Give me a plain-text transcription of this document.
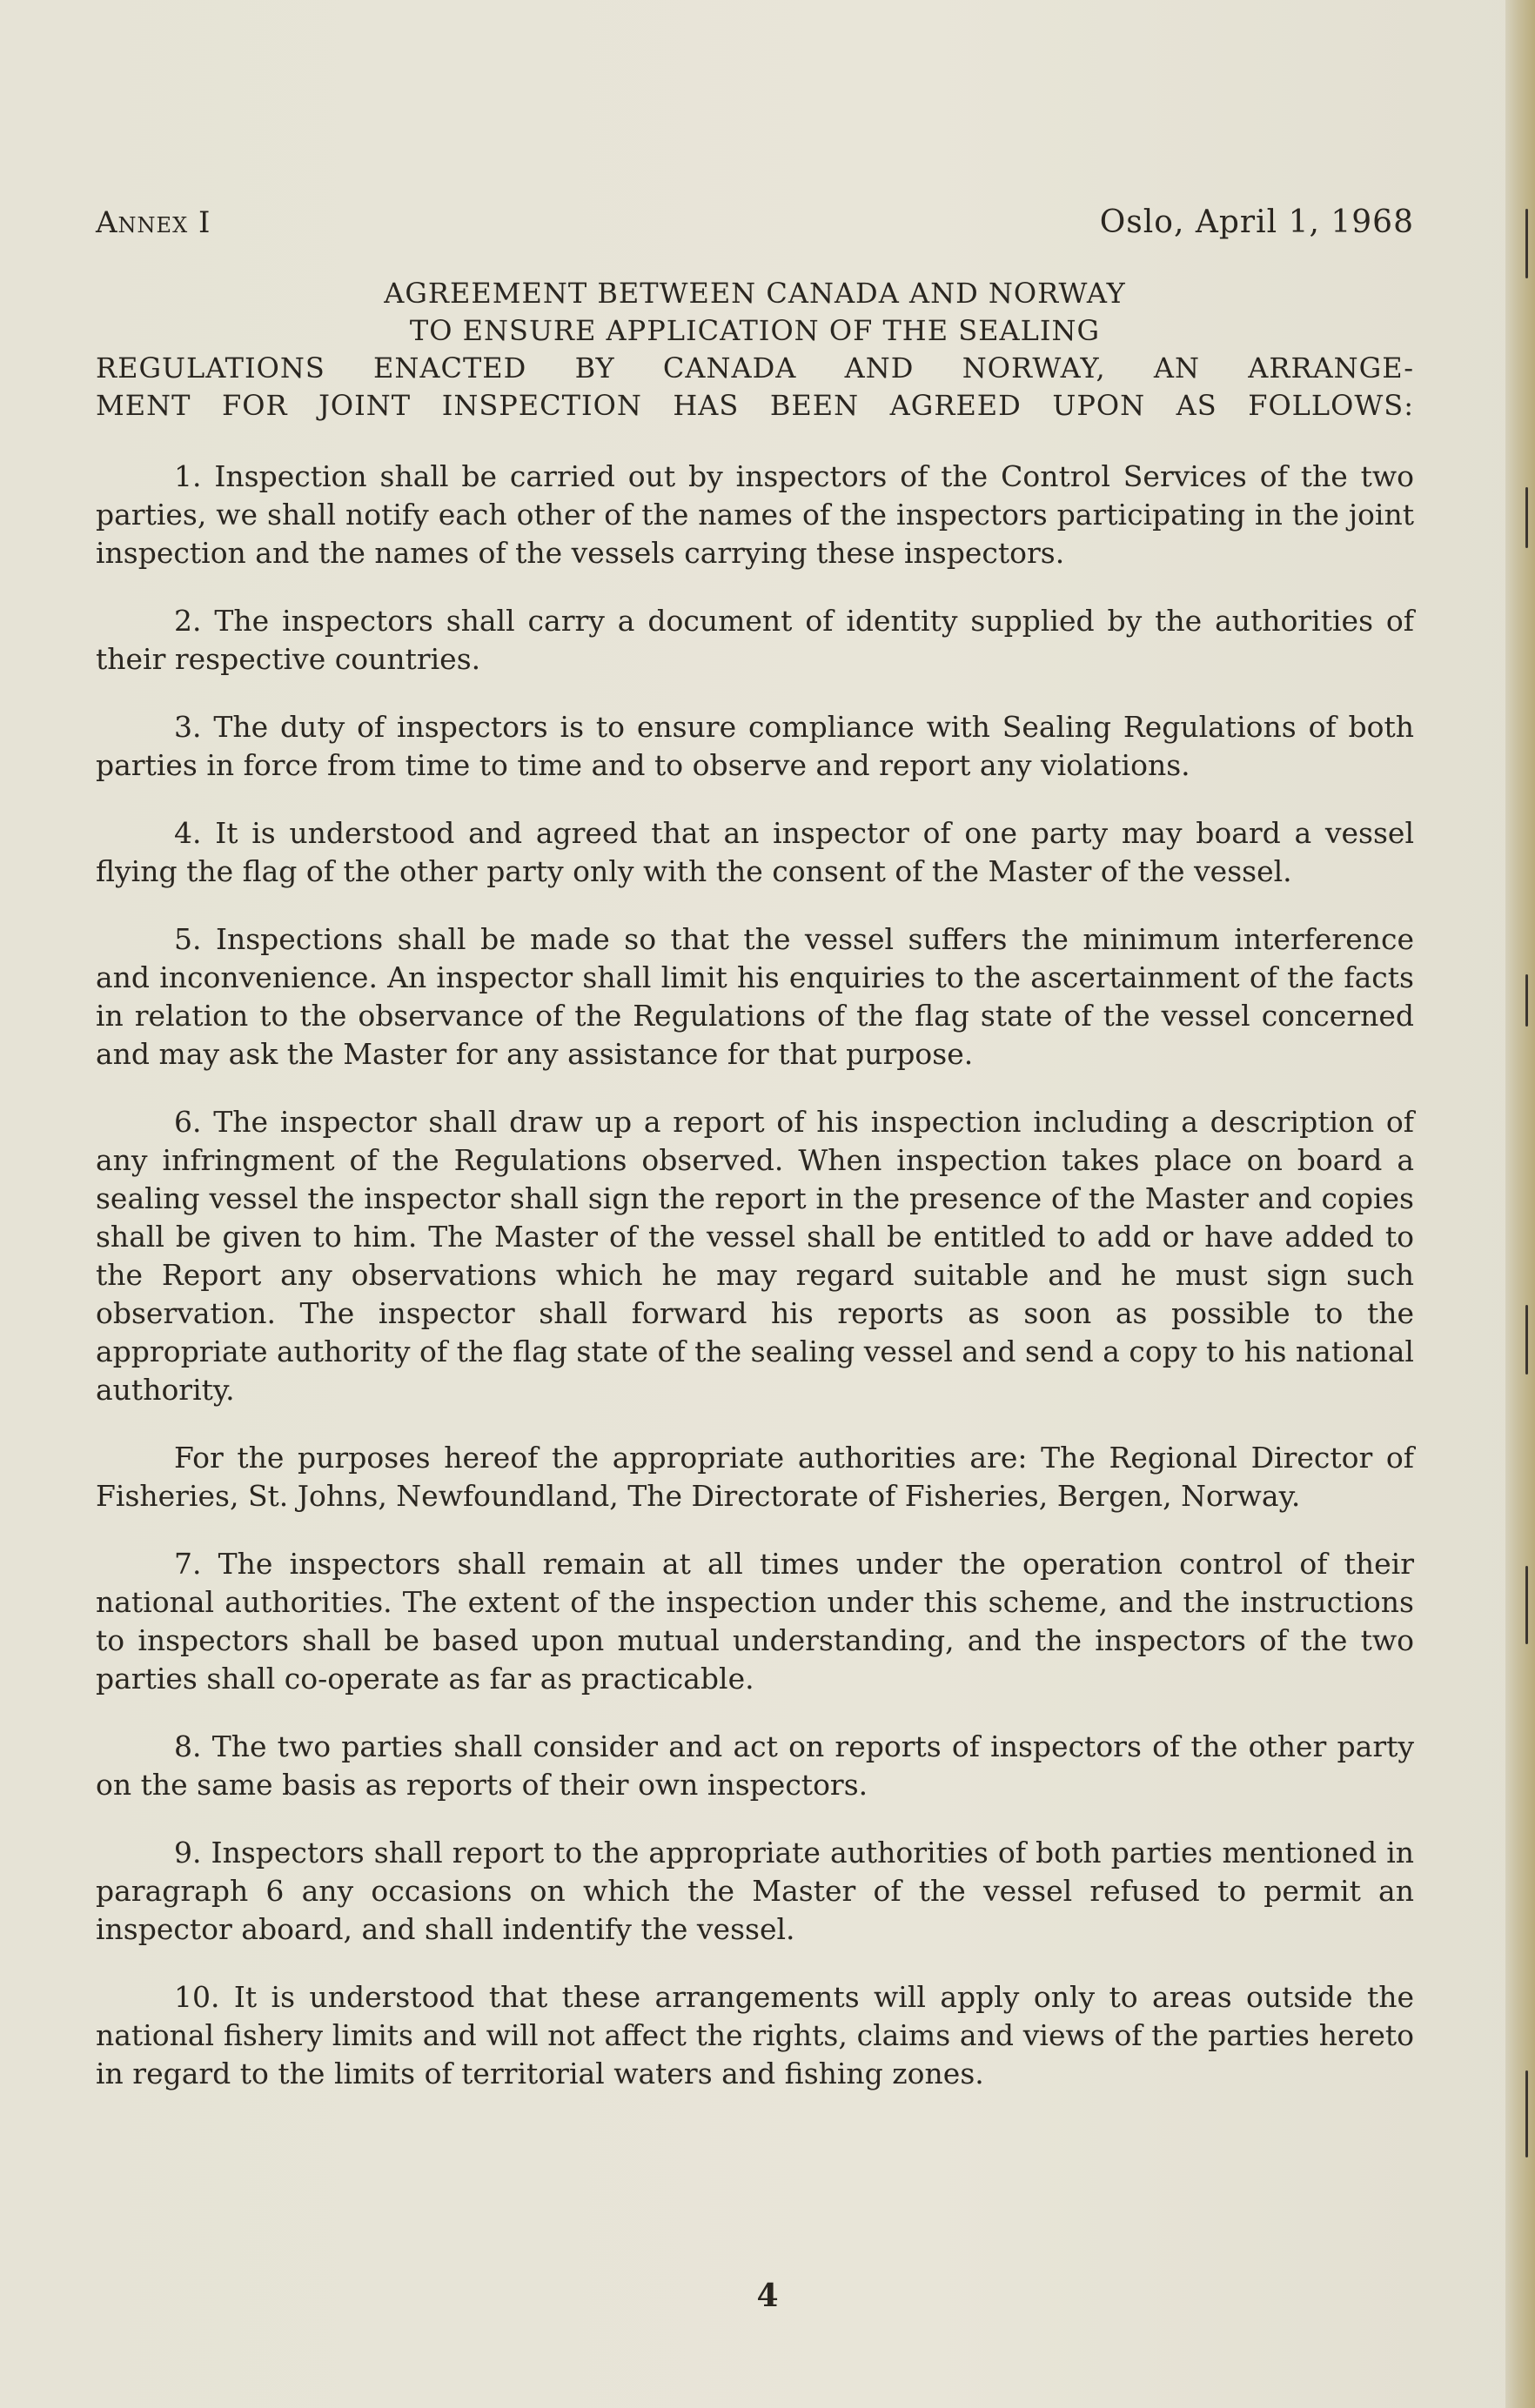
Annex I	Oslo, April 1, 1968
AGREEMENT BETWEEN CANADA AND NORWAY
TO ENSURE APPLICATION OF THE SEALING
REGULATIONS ENACTED BY CANADA AND NORWAY, AN ARRANGE-
MENT FOR JOINT INSPECTION HAS BEEN AGREED UPON AS FOLLOWS:

1. Inspection shall be carried out by inspectors of the Control Services of the two parties, we shall notify each other of the names of the inspectors participating in the joint inspection and the names of the vessels carrying these inspectors.

2. The inspectors shall carry a document of identity supplied by the authorities of their respective countries.

3. The duty of inspectors is to ensure compliance with Sealing Regulations of both parties in force from time to time and to observe and report any violations.

4. It is understood and agreed that an inspector of one party may board a vessel flying the flag of the other party only with the consent of the Master of the vessel.

5. Inspections shall be made so that the vessel suffers the minimum interference and inconvenience. An inspector shall limit his enquiries to the ascertainment of the facts in relation to the observance of the Regulations of the flag state of the vessel concerned and may ask the Master for any assistance for that purpose.

6. The inspector shall draw up a report of his inspection including a description of any infringment of the Regulations observed. When inspection takes place on board a sealing vessel the inspector shall sign the report in the presence of the Master and copies shall be given to him. The Master of the vessel shall be entitled to add or have added to the Report any observations which he may regard suitable and he must sign such observation. The inspector shall forward his reports as soon as possible to the appropriate authority of the flag state of the sealing vessel and send a copy to his national authority.

For the purposes hereof the appropriate authorities are: The Regional Director of Fisheries, St. Johns, Newfoundland, The Directorate of Fisheries, Bergen, Norway.

7. The inspectors shall remain at all times under the operation control of their national authorities. The extent of the inspection under this scheme, and the instructions to inspectors shall be based upon mutual understanding, and the inspectors of the two parties shall co-operate as far as practicable.

8. The two parties shall consider and act on reports of inspectors of the other party on the same basis as reports of their own inspectors.

9. Inspectors shall report to the appropriate authorities of both parties mentioned in paragraph 6 any occasions on which the Master of the vessel refused to permit an inspector aboard, and shall indentify the vessel.

10. It is understood that these arrangements will apply only to areas outside the national fishery limits and will not affect the rights, claims and views of the parties hereto in regard to the limits of territorial waters and fishing zones.

4
